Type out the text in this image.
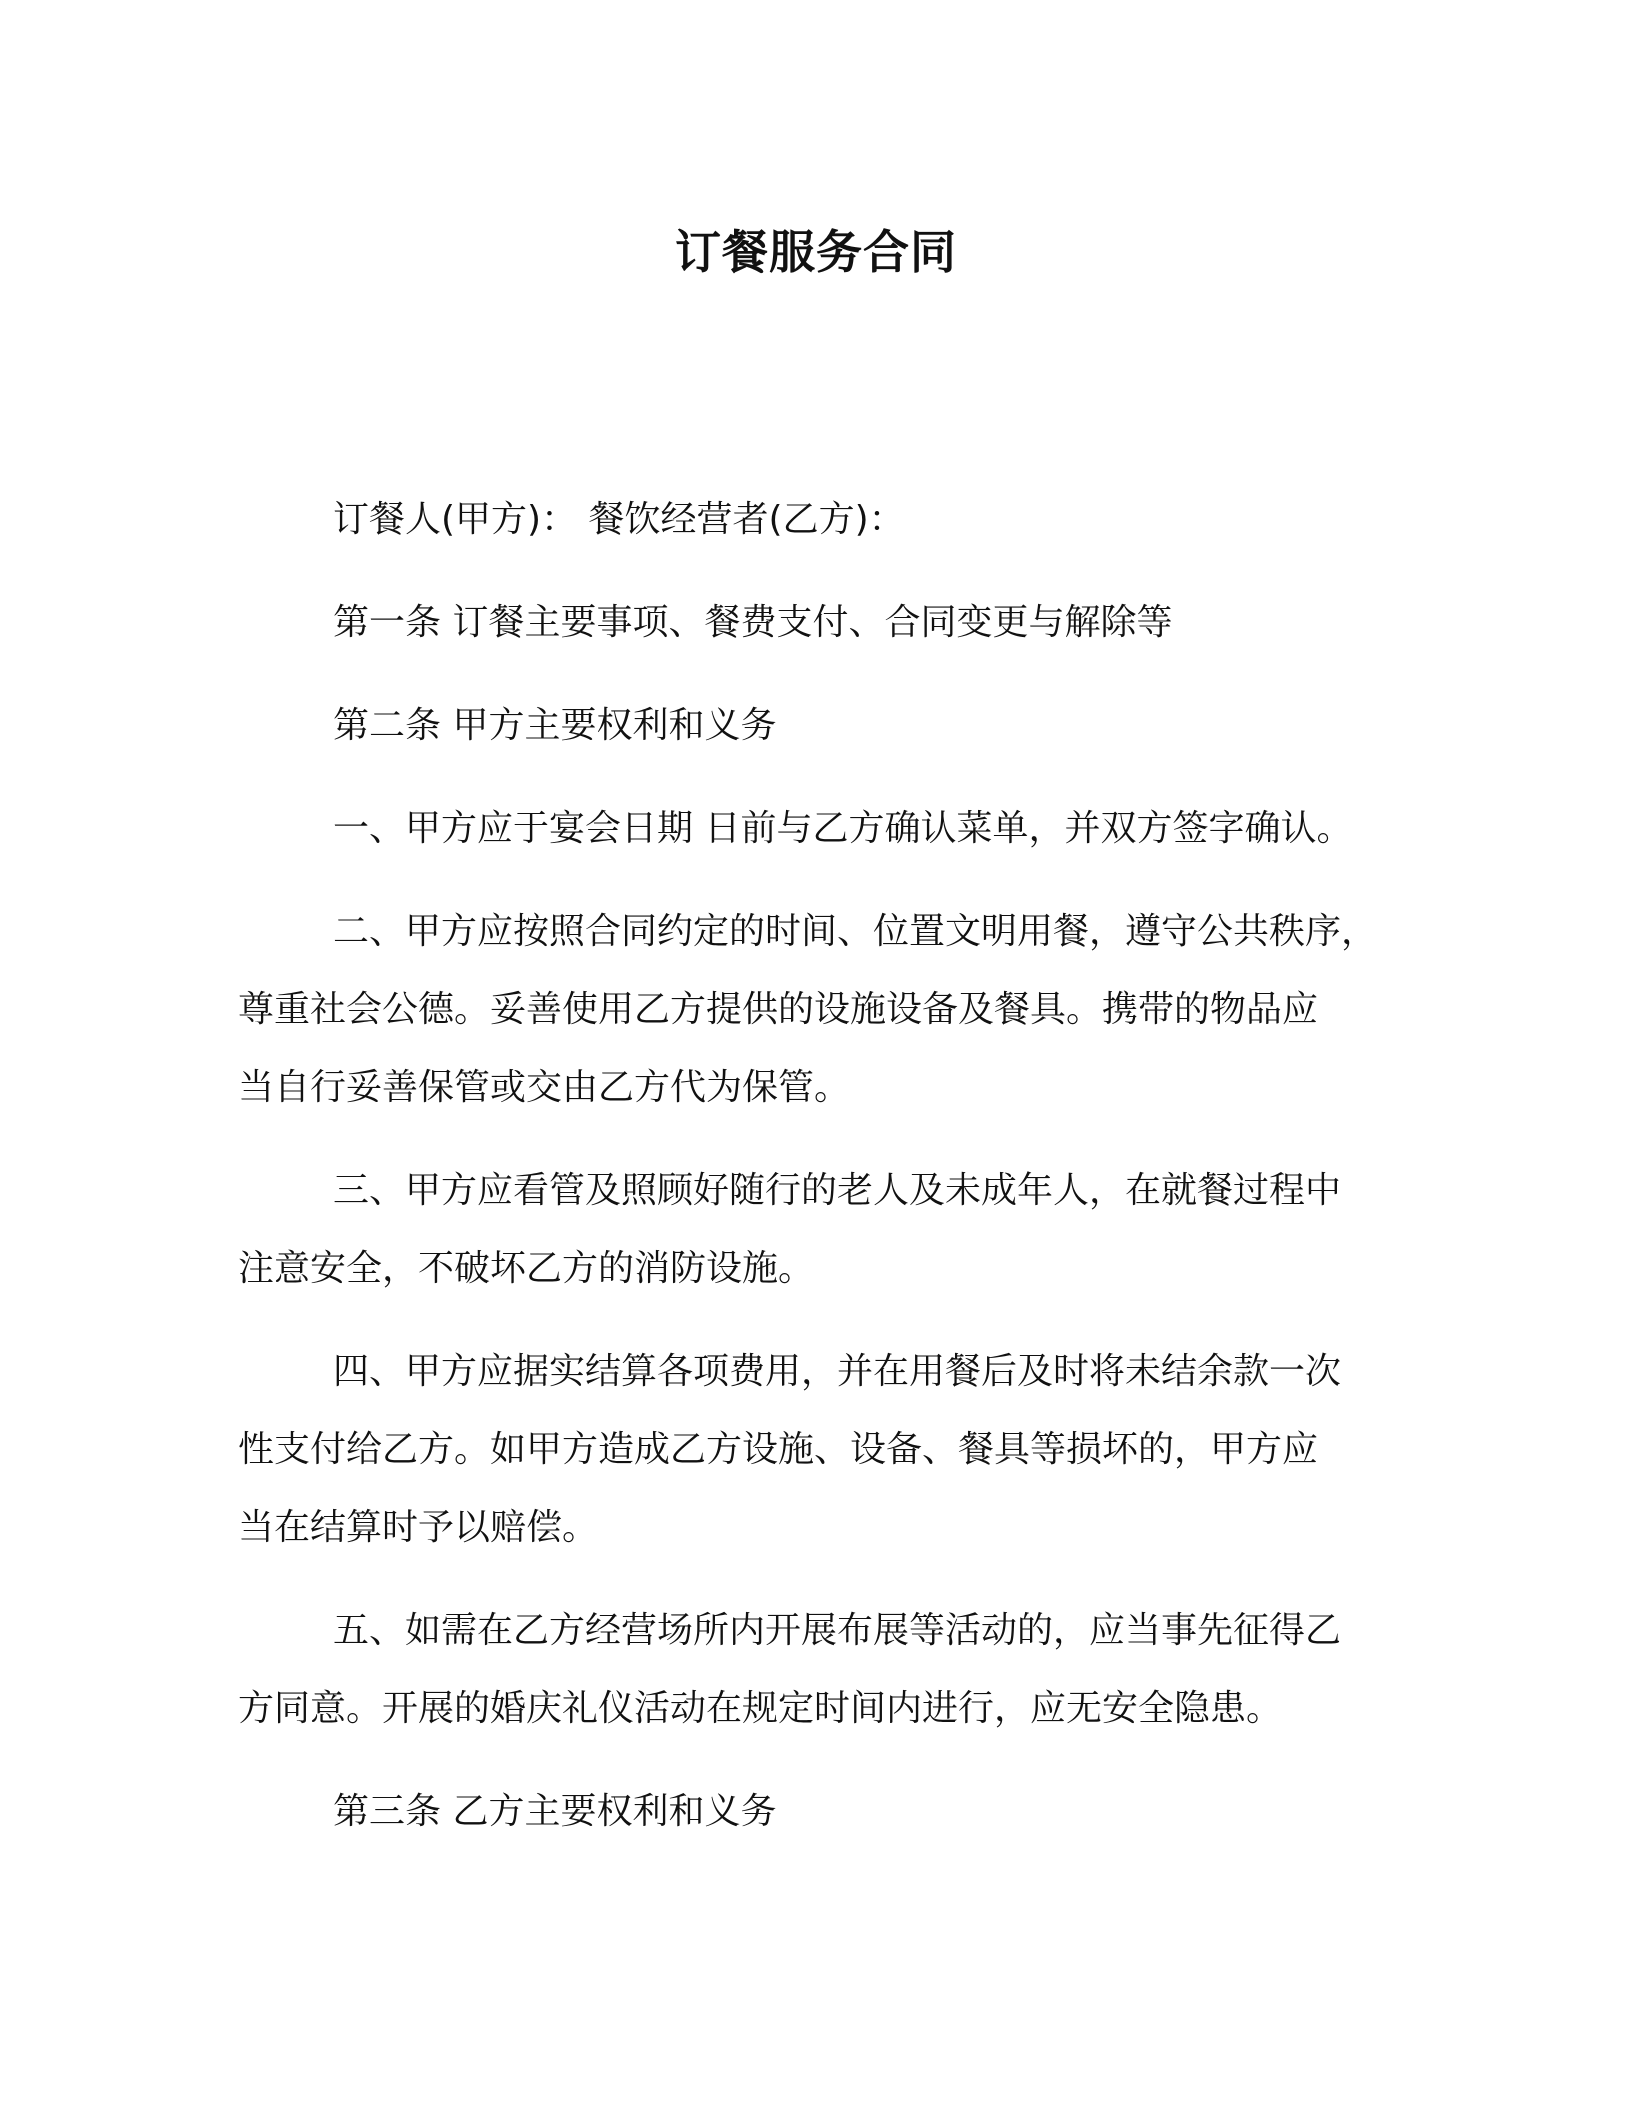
订餐服务合同
订餐人(甲方)： 餐饮经营者(乙方)：
第一条 订餐主要事项、餐费支付、合同变更与解除等
第二条 甲方主要权利和义务
一、甲方应于宴会日期 日前与乙方确认菜单，并双方签字确认。
二、甲方应按照合同约定的时间、位置文明用餐，遵守公共秩序，
尊重社会公德。妥善使用乙方提供的设施设备及餐具。携带的物品应
当自行妥善保管或交由乙方代为保管。
三、甲方应看管及照顾好随行的老人及未成年人，在就餐过程中
注意安全，不破坏乙方的消防设施。
四、甲方应据实结算各项费用，并在用餐后及时将未结余款一次
性支付给乙方。如甲方造成乙方设施、设备、餐具等损坏的，甲方应
当在结算时予以赔偿。
五、如需在乙方经营场所内开展布展等活动的，应当事先征得乙
方同意。开展的婚庆礼仪活动在规定时间内进行，应无安全隐患。
第三条 乙方主要权利和义务
